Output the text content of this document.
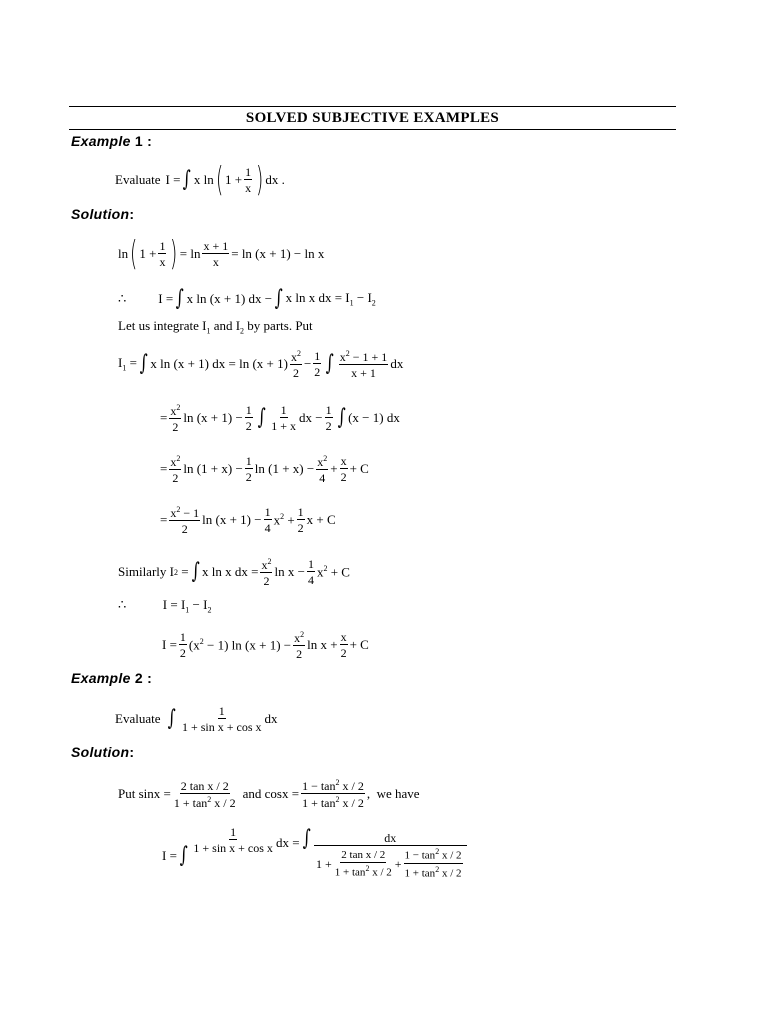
SOLVED SUBJECTIVE EXAMPLES
Example 1 :
Evaluate I = ∫ x ln ( $1 + \frac{1}{x}$ ) dx .
Solution:
ln ( $1 + \frac{1}{x}$ ) = $\ln \frac{x + 1}{x} = \ln (x + 1) - \ln x$
∴ I = ∫ x ln (x + 1) dx − ∫ x ln x dx = $I_1 - I_2$
Let us integrate $I_1$ and $I_2$ by parts. Put
$I_1$ = ∫ x ln (x + 1) dx = $\ln (x + 1) \frac{x^2}{2} - \frac{1}{2}$ ∫ $\frac{x^2 - 1 + 1}{x + 1}$ dx
= $\frac{x^2}{2}$ $\ln (x + 1) - \frac{1}{2}$ ∫ $\frac{1}{1 + x}$ dx − $\frac{1}{2}$ ∫ (x − 1) dx
= $\frac{x^2}{2}$ $\ln (1 + x) - \frac{1}{2}$ $\ln (1 + x) - \frac{x^2}{4} + \frac{x}{2} + C$
= $\frac{x^2 - 1}{2}$ $\ln (x + 1) - \frac{1}{4} x^2 + \frac{1}{2}$ x + C
Similarly I 2 = ∫ x ln x dx = $\frac{x^2}{2}$ $\ln x - \frac{1}{4} x^2 + C$
∴	$I = I_1 - I_2$
$I = \frac{1}{2} (x^2 - 1)$ $\ln (x + 1) - \frac{x^2}{2}$ $\ln x + \frac{x}{2} + C$
Example 2 :
Evaluate ∫ $\frac{1}{\text{1 + sin x + cos x}}$ dx
Solution:
Put $\sin x = \frac{\text{2 tan x / 2}}{1 + \tan^2 x / 2}$ and $\cos x = \frac{1 - \tan^2 x / 2}{1 + \tan^2 x / 2}$ , we have
I = ∫
$\frac{1}{\text{1 + sin x + cos x}}$ dx = ∫	dx
$1 + \frac{\text{2 tan x / 2}}{1 + \tan^2 x / 2} + \frac{1 - \tan^2 x / 2}{1 + \tan^2 x / 2}$
